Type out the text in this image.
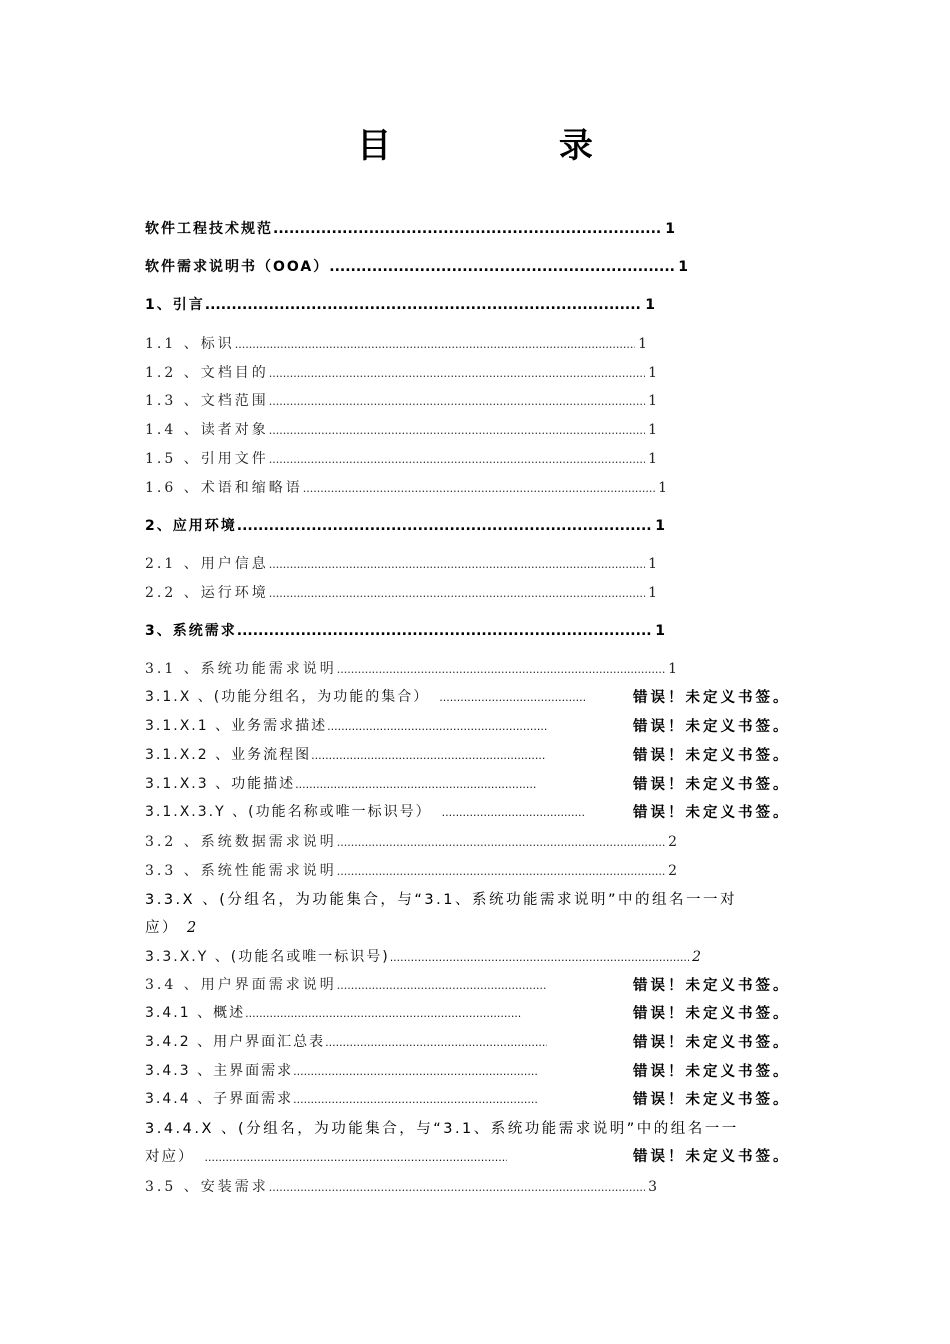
目 录
软件工程技术规范 .....	1
软件需求说明书（OOA） .....	1
1、引言 .....	1
1.1 、标识 .....	1
1.2 、文档目的 .....	1
1.3 、文档范围 .....	1
1.4 、读者对象 .....	1
1.5 、引用文件 .....	1
1.6 、术语和缩略语 .....	1
2、应用环境 .....	1
2.1 、用户信息 .....	1
2.2 、运行环境 .....	1
3、系统需求 .....	1
3.1 、系统功能需求说明 .....	1
3.1.X 、(功能分组名，为功能的集合） .....	错误！未定义书签。
3.1.X.1 、业务需求描述 .....	错误！未定义书签。
3.1.X.2 、业务流程图 .....	错误！未定义书签。
3.1.X.3 、功能描述 .....	错误！未定义书签。
3.1.X.3.Y 、(功能名称或唯一标识号） .....	错误！未定义书签。
3.2 、系统数据需求说明 .....	2
3.3 、系统性能需求说明 .....	2
3.3.X 、(分组名，为功能集合，与“3.1、系统功能需求说明”中的组名一一对
应） 2
3.3.X.Y 、(功能名或唯一标识号) .....	2
3.4 、用户界面需求说明 .....	错误！未定义书签。
3.4.1 、概述 .....	错误！未定义书签。
3.4.2 、用户界面汇总表 .....	错误！未定义书签。
3.4.3 、主界面需求 .....	错误！未定义书签。
3.4.4 、子界面需求 .....	错误！未定义书签。
3.4.4.X 、(分组名，为功能集合，与“3.1、系统功能需求说明”中的组名一一
对应） .....	错误！未定义书签。
3.5 、安装需求 .....	3
